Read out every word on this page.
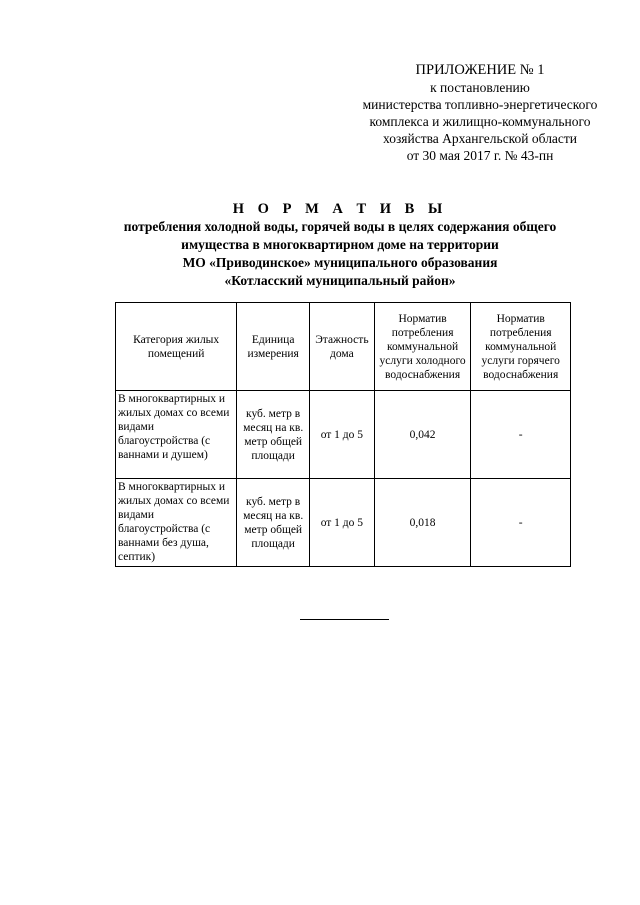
ПРИЛОЖЕНИЕ № 1
к постановлению
министерства топливно-энергетического
комплекса и жилищно-коммунального
хозяйства Архангельской области
от 30 мая 2017 г. № 43-пн
Н О Р М А Т И В Ы
потребления холодной воды, горячей воды в целях содержания общего
имущества в многоквартирном доме на территории
МО «Приводинское» муниципального образования
«Котласский муниципальный район»
Категория жилых помещений	Единица измерения	Этажность дома	Норматив потребления коммунальной услуги холодного водоснабжения	Норматив потребления коммунальной услуги горячего водоснабжения
В многоквартирных и жилых домах со всеми видами благоустройства (с ваннами и душем)	куб. метр в месяц на кв. метр общей площади	от 1 до 5	0,042	-
В многоквартирных и жилых домах со всеми видами благоустройства (с ваннами без душа, септик)	куб. метр в месяц на кв. метр общей площади	от 1 до 5	0,018	-
